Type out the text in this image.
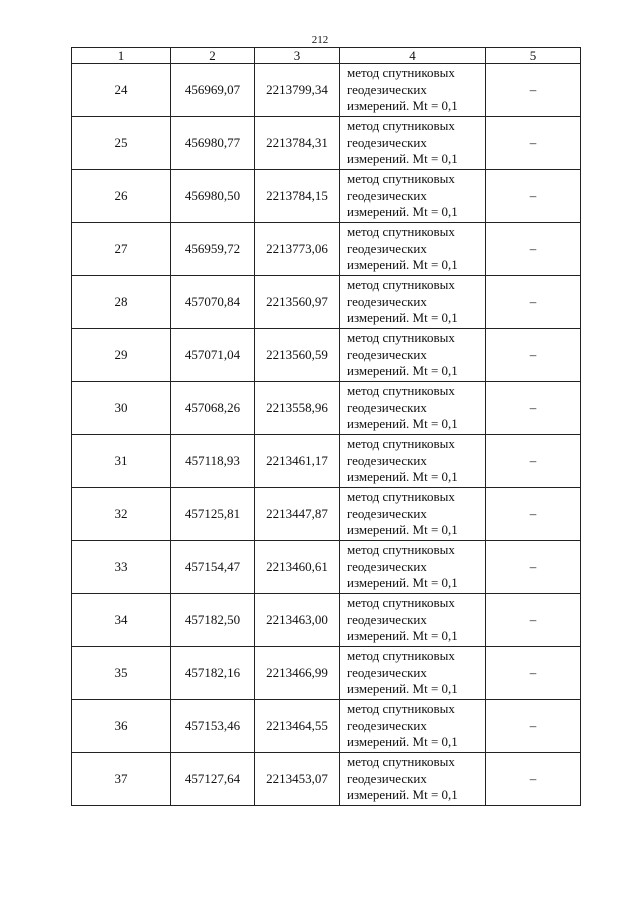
212
1	2	3	4	5
24	456969,07	2213799,34	метод спутниковых
геодезических
измерений. Mt = 0,1	–
25	456980,77	2213784,31	метод спутниковых
геодезических
измерений. Mt = 0,1	–
26	456980,50	2213784,15	метод спутниковых
геодезических
измерений. Mt = 0,1	–
27	456959,72	2213773,06	метод спутниковых
геодезических
измерений. Mt = 0,1	–
28	457070,84	2213560,97	метод спутниковых
геодезических
измерений. Mt = 0,1	–
29	457071,04	2213560,59	метод спутниковых
геодезических
измерений. Mt = 0,1	–
30	457068,26	2213558,96	метод спутниковых
геодезических
измерений. Mt = 0,1	–
31	457118,93	2213461,17	метод спутниковых
геодезических
измерений. Mt = 0,1	–
32	457125,81	2213447,87	метод спутниковых
геодезических
измерений. Mt = 0,1	–
33	457154,47	2213460,61	метод спутниковых
геодезических
измерений. Mt = 0,1	–
34	457182,50	2213463,00	метод спутниковых
геодезических
измерений. Mt = 0,1	–
35	457182,16	2213466,99	метод спутниковых
геодезических
измерений. Mt = 0,1	–
36	457153,46	2213464,55	метод спутниковых
геодезических
измерений. Mt = 0,1	–
37	457127,64	2213453,07	метод спутниковых
геодезических
измерений. Mt = 0,1	–
